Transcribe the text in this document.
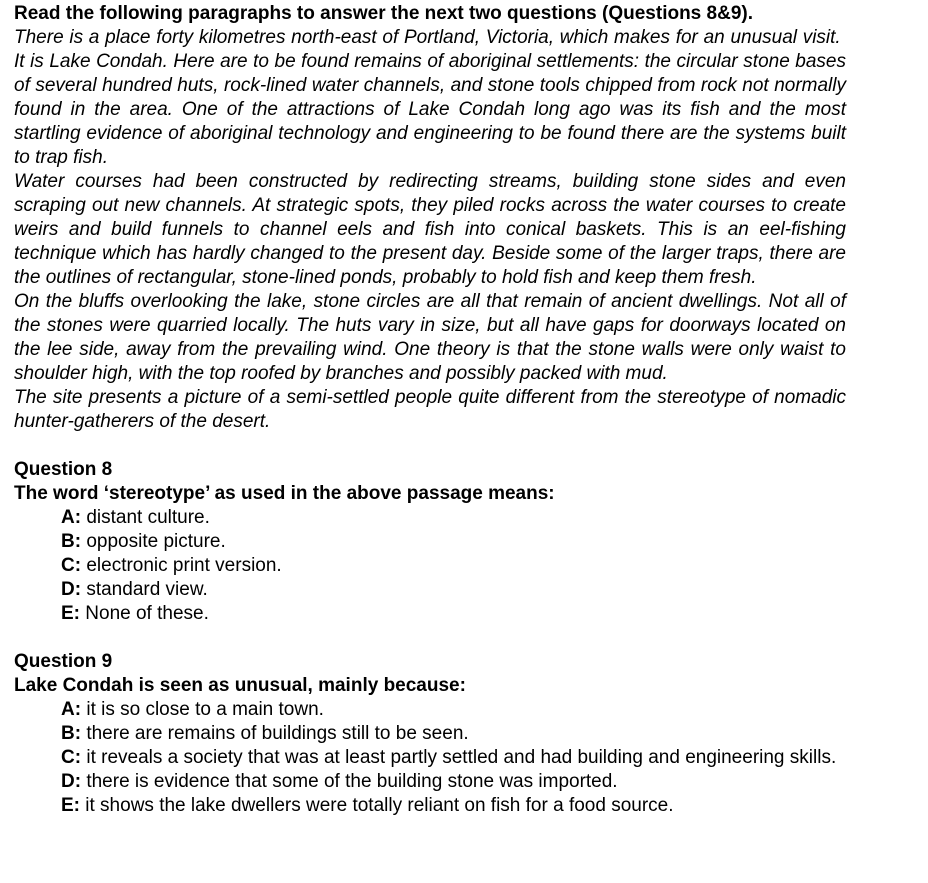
Read the following paragraphs to answer the next two questions (Questions 8&9).

There is a place forty kilometres north-east of Portland, Victoria, which makes for an unusual visit.  It is Lake Condah. Here are to be found remains of aboriginal settlements: the circular stone bases of several hundred huts, rock-lined water channels, and stone tools chipped from rock not normally found in the area. One of the attractions of Lake Condah long ago was its fish and the most startling evidence of aboriginal technology and engineering to be found there are the systems built to trap fish.

Water courses had been constructed by redirecting streams, building stone sides and even scraping out new channels. At strategic spots, they piled rocks across the water courses to create weirs and build funnels to channel eels and fish into conical baskets. This is an eel-fishing technique which has hardly changed to the present day. Beside some of the larger traps, there are the outlines of rectangular, stone-lined ponds, probably to hold fish and keep them fresh.

On the bluffs overlooking the lake, stone circles are all that remain of ancient dwellings. Not all of the stones were quarried locally. The huts vary in size, but all have gaps for doorways located on the lee side, away from the prevailing wind. One theory is that the stone walls were only waist to shoulder high, with the top roofed by branches and possibly packed with mud.

The site presents a picture of a semi-settled people quite different from the stereotype of nomadic hunter-gatherers of the desert.

Question 8

The word ‘stereotype’ as used in the above passage means:

A: distant culture.
B: opposite picture.
C: electronic print version.
D: standard view.
E: None of these.

Question 9

Lake Condah is seen as unusual, mainly because:

A: it is so close to a main town.
B: there are remains of buildings still to be seen.
C: it reveals a society that was at least partly settled and had building and engineering skills.
D: there is evidence that some of the building stone was imported.
E: it shows the lake dwellers were totally reliant on fish for a food source.
